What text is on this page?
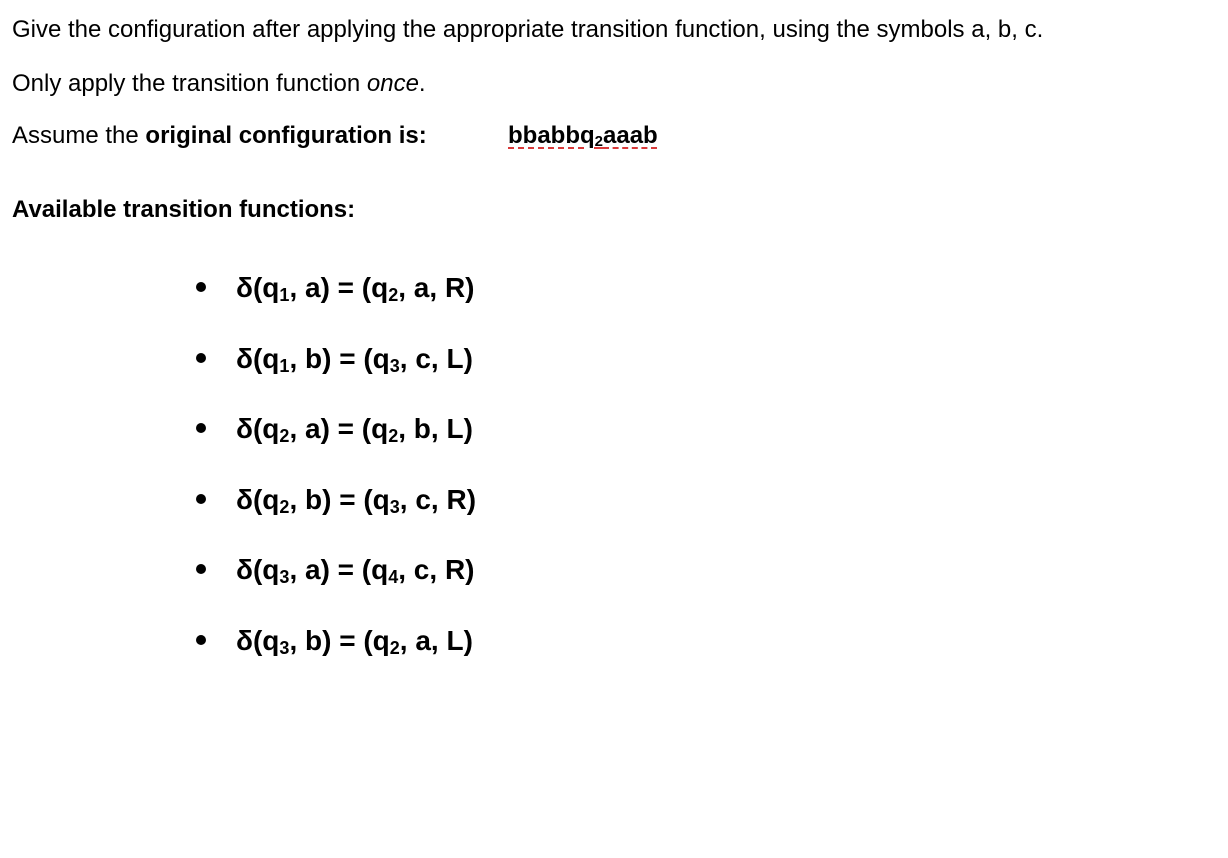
Give the configuration after applying the appropriate transition function, using the symbols a, b, c.
Only apply the transition function once.
Assume the original configuration is:	bbabbq$_2$aaab
Available transition functions:
$\delta(q_1$, $a) = (q_2$, a, R)
$\delta(q_1$, $b) = (q_3$, c, L)
$\delta(q_2$, $a) = (q_2$, b, L)
$\delta(q_2$, $b) = (q_3$, c, R)
$\delta(q_3$, $a) = (q_4$, c, R)
$\delta(q_3$, $b) = (q_2$, a, L)
